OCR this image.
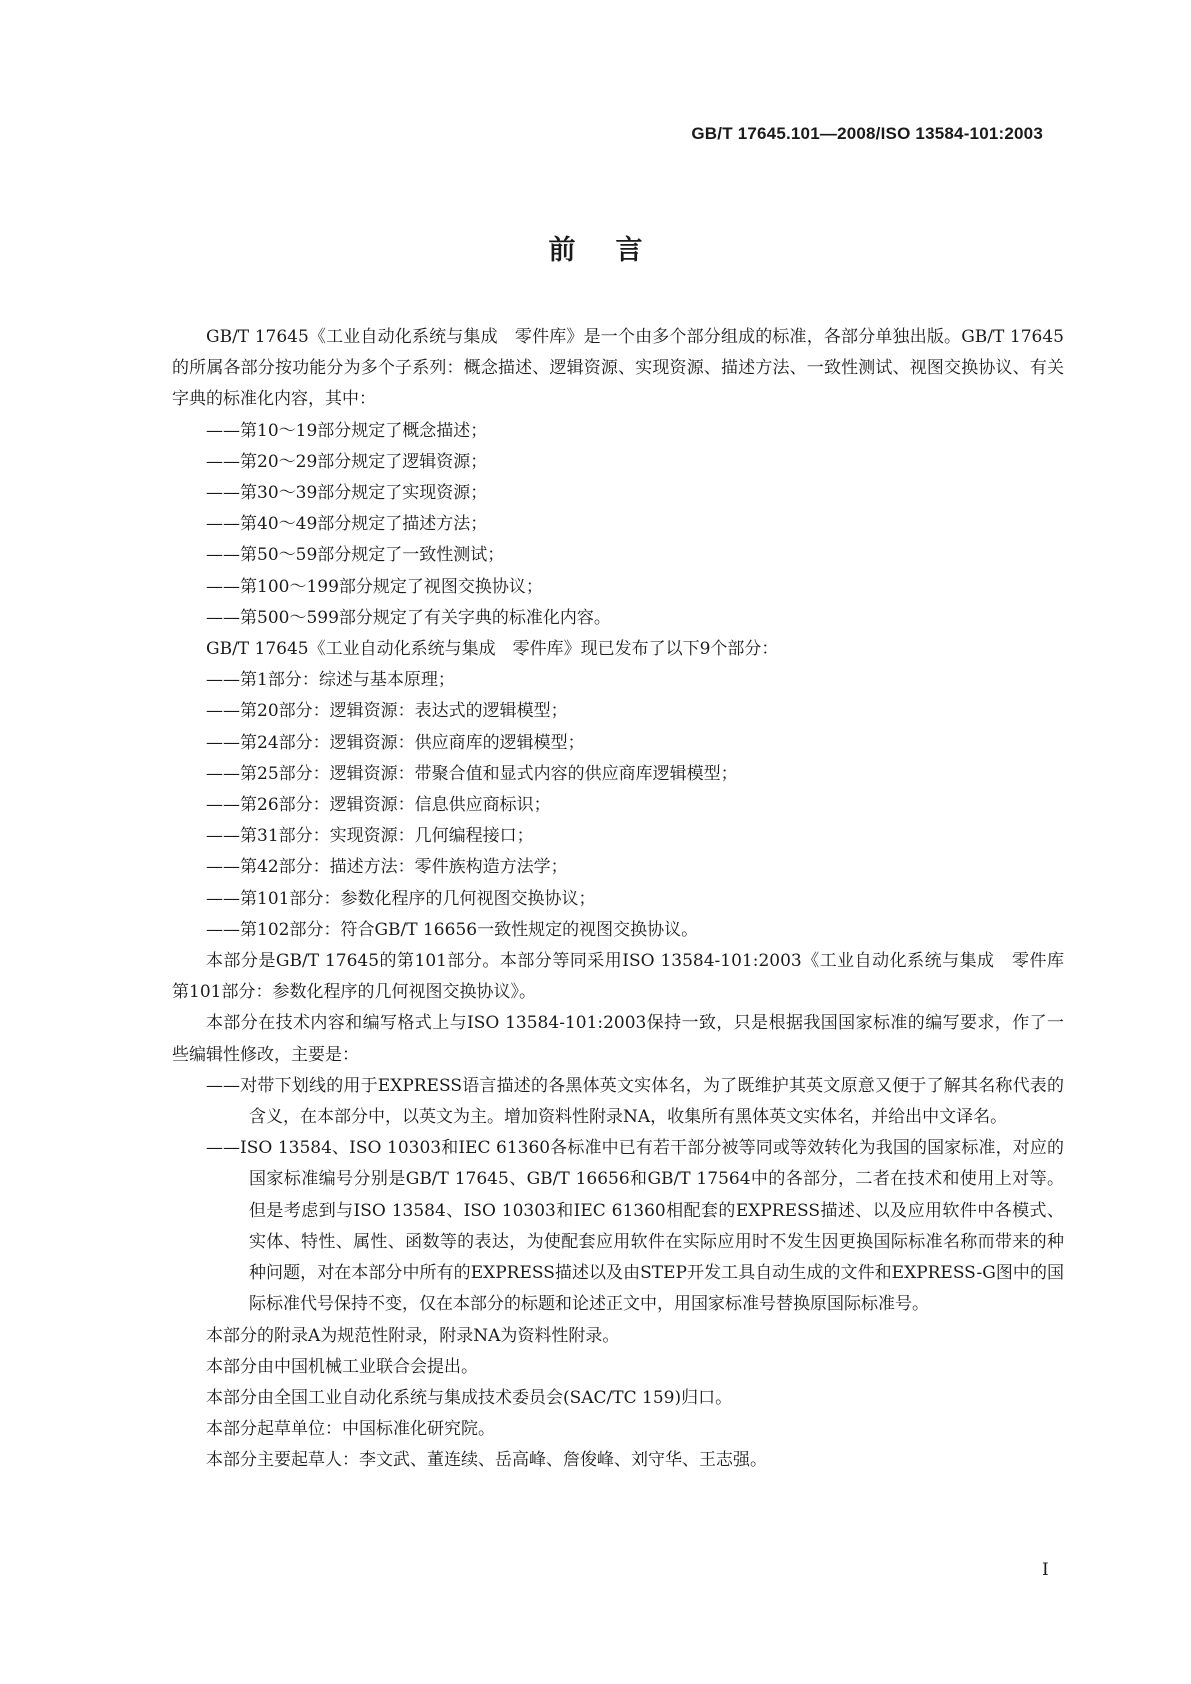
GB/T 17645.101—2008/ISO 13584-101:2003
前言
GB/T 17645《工业自动化系统与集成　零件库》是一个由多个部分组成的标准，各部分单独出版。GB/T 17645的所属各部分按功能分为多个子系列：概念描述、逻辑资源、实现资源、描述方法、一致性测试、视图交换协议、有关字典的标准化内容，其中：
——第10～19部分规定了概念描述；
——第20～29部分规定了逻辑资源；
——第30～39部分规定了实现资源；
——第40～49部分规定了描述方法；
——第50～59部分规定了一致性测试；
——第100～199部分规定了视图交换协议；
——第500～599部分规定了有关字典的标准化内容。
GB/T 17645《工业自动化系统与集成　零件库》现已发布了以下9个部分：
——第1部分：综述与基本原理；
——第20部分：逻辑资源：表达式的逻辑模型；
——第24部分：逻辑资源：供应商库的逻辑模型；
——第25部分：逻辑资源：带聚合值和显式内容的供应商库逻辑模型；
——第26部分：逻辑资源：信息供应商标识；
——第31部分：实现资源：几何编程接口；
——第42部分：描述方法：零件族构造方法学；
——第101部分：参数化程序的几何视图交换协议；
——第102部分：符合GB/T 16656一致性规定的视图交换协议。
本部分是GB/T 17645的第101部分。本部分等同采用ISO 13584-101:2003《工业自动化系统与集成　零件库　第101部分：参数化程序的几何视图交换协议》。
本部分在技术内容和编写格式上与ISO 13584-101:2003保持一致，只是根据我国国家标准的编写要求，作了一些编辑性修改，主要是：
——对带下划线的用于EXPRESS语言描述的各黑体英文实体名，为了既维护其英文原意又便于了解其名称代表的含义，在本部分中，以英文为主。增加资料性附录NA，收集所有黑体英文实体名，并给出中文译名。
——ISO 13584、ISO 10303和IEC 61360各标准中已有若干部分被等同或等效转化为我国的国家标准，对应的国家标准编号分别是GB/T 17645、GB/T 16656和GB/T 17564中的各部分，二者在技术和使用上对等。但是考虑到与ISO 13584、ISO 10303和IEC 61360相配套的EXPRESS描述、以及应用软件中各模式、实体、特性、属性、函数等的表达，为使配套应用软件在实际应用时不发生因更换国际标准名称而带来的种种问题，对在本部分中所有的EXPRESS描述以及由STEP开发工具自动生成的文件和EXPRESS-G图中的国际标准代号保持不变，仅在本部分的标题和论述正文中，用国家标准号替换原国际标准号。
本部分的附录A为规范性附录，附录NA为资料性附录。
本部分由中国机械工业联合会提出。
本部分由全国工业自动化系统与集成技术委员会(SAC/TC 159)归口。
本部分起草单位：中国标准化研究院。
本部分主要起草人：李文武、董连续、岳高峰、詹俊峰、刘守华、王志强。
I
